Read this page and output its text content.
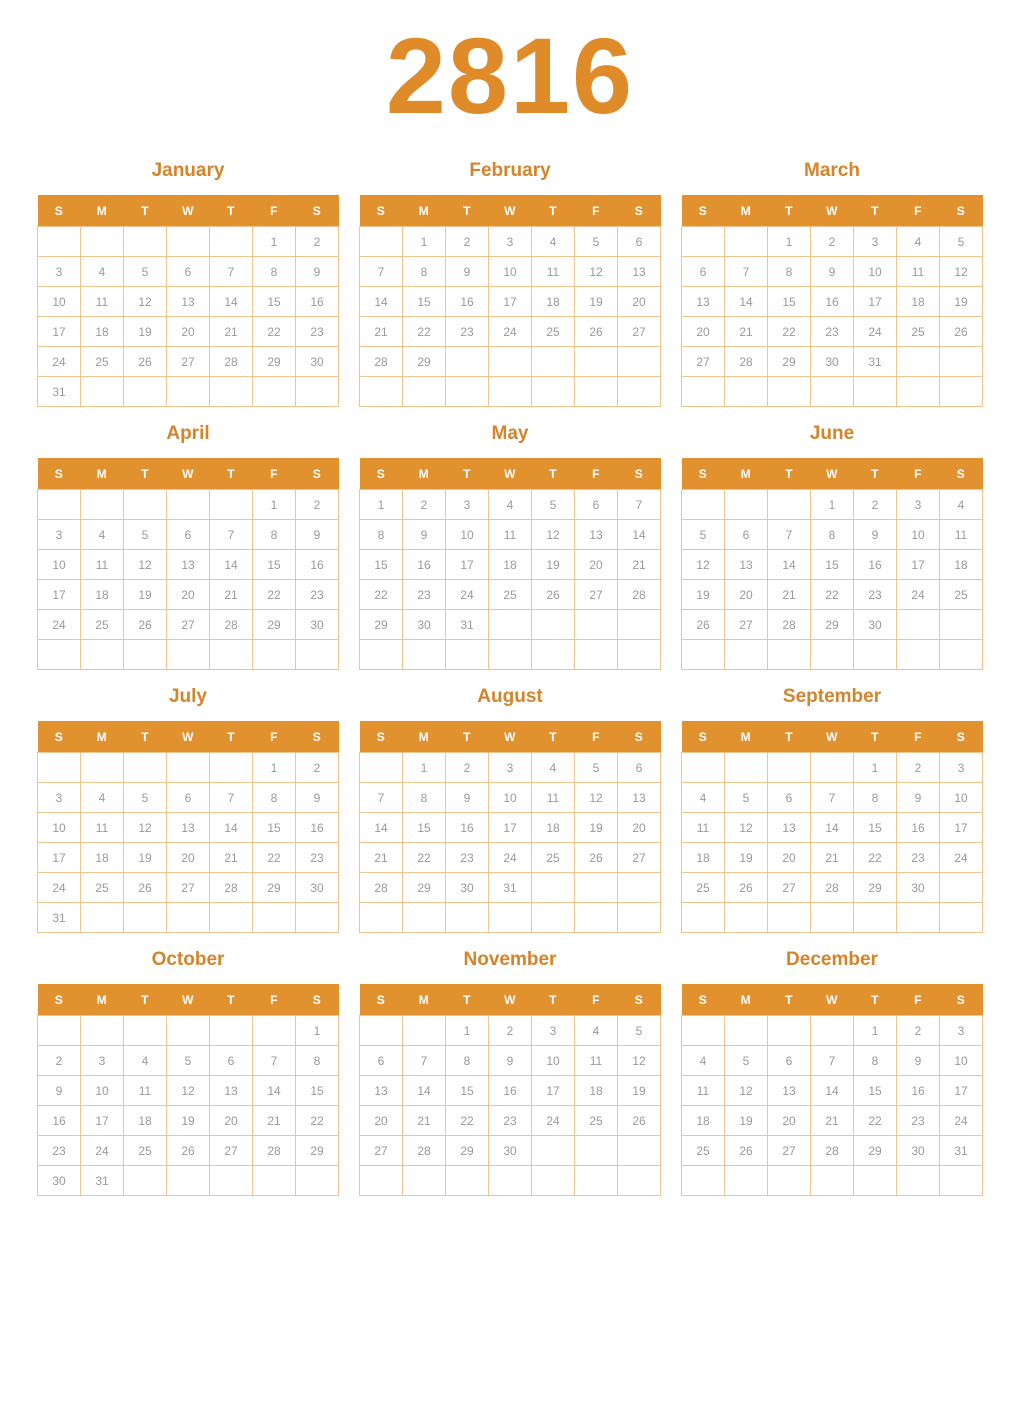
2816
January
S	M	T	W	T	F	S
					1	2
3	4	5	6	7	8	9
10	11	12	13	14	15	16
17	18	19	20	21	22	23
24	25	26	27	28	29	30
31						
February
S	M	T	W	T	F	S
	1	2	3	4	5	6
7	8	9	10	11	12	13
14	15	16	17	18	19	20
21	22	23	24	25	26	27
28	29					

March
S	M	T	W	T	F	S
		1	2	3	4	5
6	7	8	9	10	11	12
13	14	15	16	17	18	19
20	21	22	23	24	25	26
27	28	29	30	31		

April
S	M	T	W	T	F	S
					1	2
3	4	5	6	7	8	9
10	11	12	13	14	15	16
17	18	19	20	21	22	23
24	25	26	27	28	29	30

May
S	M	T	W	T	F	S
1	2	3	4	5	6	7
8	9	10	11	12	13	14
15	16	17	18	19	20	21
22	23	24	25	26	27	28
29	30	31				

June
S	M	T	W	T	F	S
			1	2	3	4
5	6	7	8	9	10	11
12	13	14	15	16	17	18
19	20	21	22	23	24	25
26	27	28	29	30		

July
S	M	T	W	T	F	S
					1	2
3	4	5	6	7	8	9
10	11	12	13	14	15	16
17	18	19	20	21	22	23
24	25	26	27	28	29	30
31						
August
S	M	T	W	T	F	S
	1	2	3	4	5	6
7	8	9	10	11	12	13
14	15	16	17	18	19	20
21	22	23	24	25	26	27
28	29	30	31			

September
S	M	T	W	T	F	S
				1	2	3
4	5	6	7	8	9	10
11	12	13	14	15	16	17
18	19	20	21	22	23	24
25	26	27	28	29	30	

October
S	M	T	W	T	F	S
						1
2	3	4	5	6	7	8
9	10	11	12	13	14	15
16	17	18	19	20	21	22
23	24	25	26	27	28	29
30	31					
November
S	M	T	W	T	F	S
		1	2	3	4	5
6	7	8	9	10	11	12
13	14	15	16	17	18	19
20	21	22	23	24	25	26
27	28	29	30			

December
S	M	T	W	T	F	S
				1	2	3
4	5	6	7	8	9	10
11	12	13	14	15	16	17
18	19	20	21	22	23	24
25	26	27	28	29	30	31
